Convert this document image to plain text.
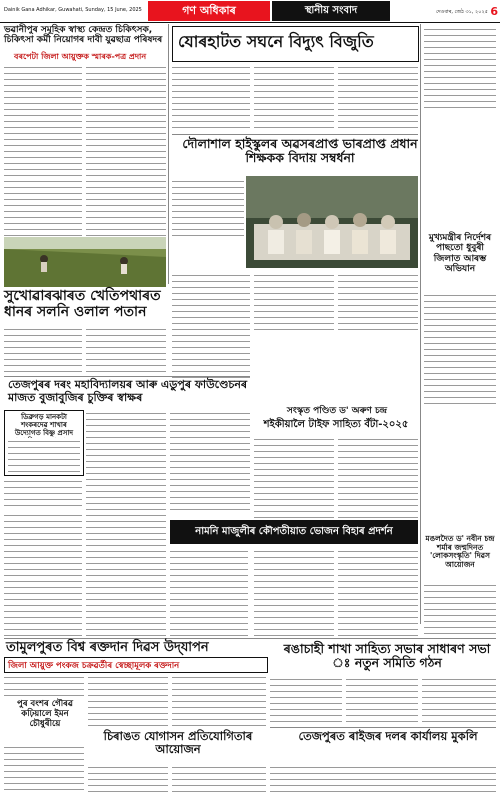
Dainik Gana Adhikar, Guwahati, Sunday, 15 June, 2025	গণ অধিকাৰ	স্থানীয় সংবাদ	দেওবাৰ, জেঠ ৩১, ২০২৫ 6
ভৱানীপুৰ সমূহিক স্বাস্থ্য কেন্দ্ৰত চিকিৎসক, চিকিৎসা কৰ্মী নিয়োগৰ দাবী যুৱছাত্ৰ পৰিষদৰ
বৰপেটা জিলা আয়ুক্তক স্মাৰক-পত্ৰ প্ৰদান
যোৰহাটত সঘনে বিদ্যুৎ বিজুতি
মুখ্যমন্ত্ৰীৰ নিৰ্দেশৰ পাছতো ধুবুৰী জিলাত আৰম্ভ অভিযান
দৌলাশাল হাইস্কুলৰ অৱসৰপ্ৰাপ্ত ভাৰপ্ৰাপ্ত প্ৰধান শিক্ষকক বিদায় সম্বৰ্ধনা
সুখোৱাৰঝাৰত খেতিপথাৰত ধানৰ সলনি ওলাল পতান
তেজপুৰৰ দৰং মহাবিদ্যালয়ৰ আৰু এডুপুৰ ফাউণ্ডেচনৰ মাজত বুজাবুজিৰ চুক্তিৰ স্বাক্ষৰ
ডিব্ৰুগড় মানকটা শংকৰদেৱ শাখাৰ উদ্যোগত বিষ্ণু প্ৰসাদ
সংস্কৃত পণ্ডিত ড' অৰুণ চন্দ্ৰ
শইকীয়ালৈ টাইফ সাহিত্য বঁটা-২০২৫
মঙলদৈত ড' নবীন চন্দ্ৰ শৰ্মাৰ জন্মদিনত 'লোকসংস্কৃতি' দিৱস আয়োজন
নামনি মাজুলীৰ কৌপতীয়াত ভোজন বিহাৰ প্ৰদৰ্শন
তামুলপুৰত বিশ্ব ৰক্তদান দিৱস উদ্‌যাপন
জিলা আয়ুক্ত পংকজ চক্ৰৱৰ্তীৰ স্বেচ্ছামূলক ৰক্তদান
পুৰ বংশৰ গৌৰৱ কঢ়িয়ালে ইমন চৌধুৰীয়ে
চিৰাঙত যোগাসন প্ৰতিযোগিতাৰ আয়োজন
ৰঙাচাহী শাখা সাহিত্য সভাৰ সাধাৰণ সভা ঃ নতুন সমিতি গঠন
তেজপুৰত ৰাইজৰ দলৰ কাৰ্যালয় মুকলি
